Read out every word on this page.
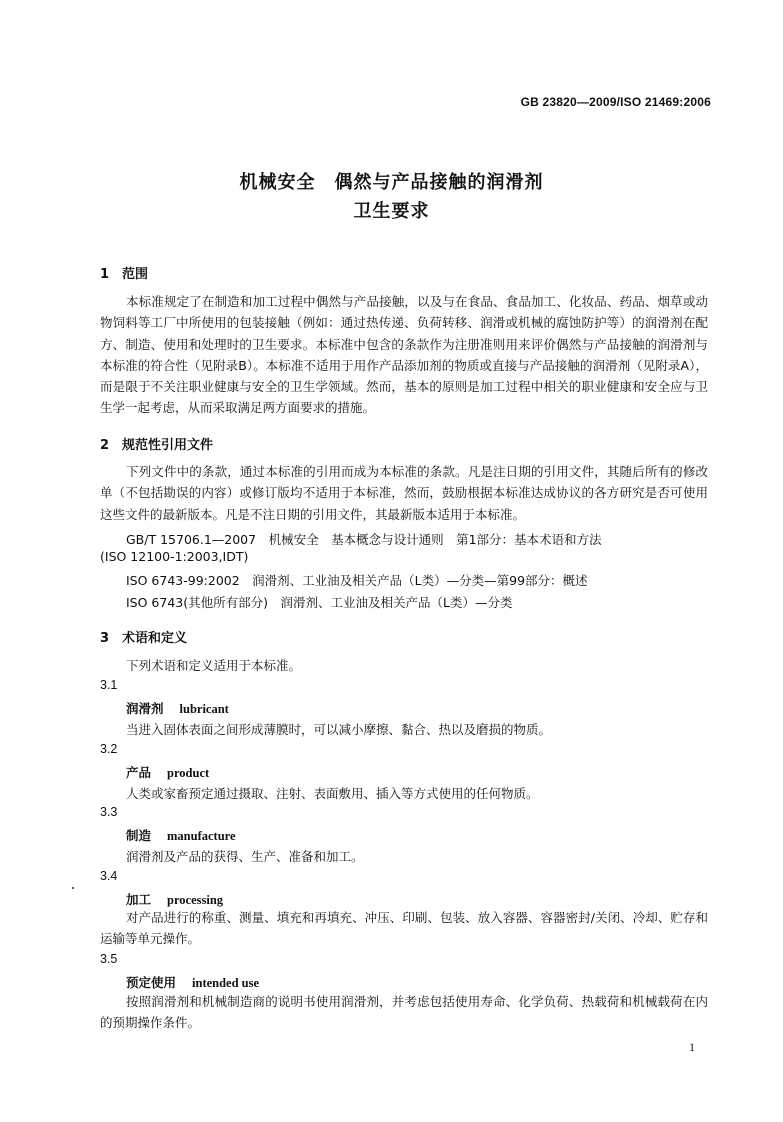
GB 23820—2009/ISO 21469:2006
机械安全　偶然与产品接触的润滑剂
卫生要求
1 范围
本标准规定了在制造和加工过程中偶然与产品接触，以及与在食品、食品加工、化妆品、药品、烟草或动物饲料等工厂中所使用的包装接触（例如：通过热传递、负荷转移、润滑或机械的腐蚀防护等）的润滑剂在配方、制造、使用和处理时的卫生要求。本标准中包含的条款作为注册准则用来评价偶然与产品接触的润滑剂与本标准的符合性（见附录B）。本标准不适用于用作产品添加剂的物质或直接与产品接触的润滑剂（见附录A），而是限于不关注职业健康与安全的卫生学领域。然而，基本的原则是加工过程中相关的职业健康和安全应与卫生学一起考虑，从而采取满足两方面要求的措施。
2 规范性引用文件
下列文件中的条款，通过本标准的引用而成为本标准的条款。凡是注日期的引用文件，其随后所有的修改单（不包括勘误的内容）或修订版均不适用于本标准，然而，鼓励根据本标准达成协议的各方研究是否可使用这些文件的最新版本。凡是不注日期的引用文件，其最新版本适用于本标准。
GB/T 15706.1—2007　机械安全　基本概念与设计通则　第1部分：基本术语和方法
(ISO 12100-1:2003,IDT)
ISO 6743-99:2002　润滑剂、工业油及相关产品（L类）—分类—第99部分：概述
ISO 6743(其他所有部分)　润滑剂、工业油及相关产品（L类）—分类
3 术语和定义
下列术语和定义适用于本标准。
3.1
润滑剂 lubricant
当进入固体表面之间形成薄膜时，可以减小摩擦、黏合、热以及磨损的物质。
3.2
产品 product
人类或家畜预定通过摄取、注射、表面敷用、插入等方式使用的任何物质。
3.3
制造 manufacture
润滑剂及产品的获得、生产、准备和加工。
3.4
加工 processing
对产品进行的称重、测量、填充和再填充、冲压、印刷、包装、放入容器、容器密封/关闭、冷却、贮存和运输等单元操作。
3.5
预定使用 intended use
按照润滑剂和机械制造商的说明书使用润滑剂，并考虑包括使用寿命、化学负荷、热载荷和机械载荷在内的预期操作条件。
1
